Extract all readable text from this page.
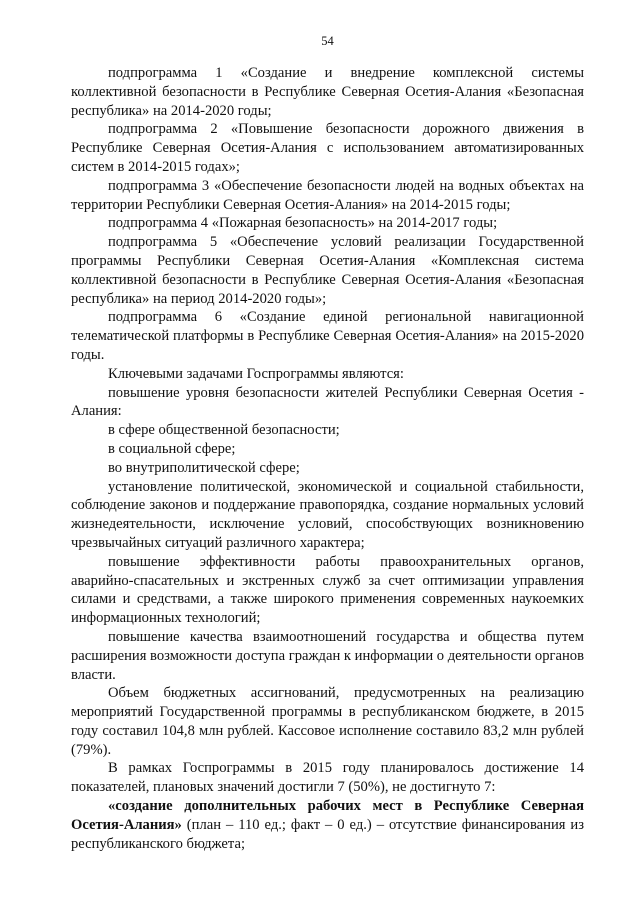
54

подпрограмма 1 «Создание и внедрение комплексной системы коллективной безопасности в Республике Северная Осетия-Алания «Безопасная республика» на 2014-2020 годы;

подпрограмма 2 «Повышение безопасности дорожного движения в Республике Северная Осетия-Алания с использованием автоматизированных систем в 2014-2015 годах»;

подпрограмма 3 «Обеспечение безопасности людей на водных объектах на территории Республики Северная Осетия-Алания» на 2014-2015 годы;

подпрограмма 4 «Пожарная безопасность» на 2014-2017 годы;

подпрограмма 5 «Обеспечение условий реализации Государственной программы Республики Северная Осетия-Алания «Комплексная система коллективной безопасности в Республике Северная Осетия-Алания «Безопасная республика» на период 2014-2020 годы»;

подпрограмма 6 «Создание единой региональной навигационной телематической платформы в Республике Северная Осетия-Алания» на 2015-2020 годы.

Ключевыми задачами Госпрограммы являются:

повышение уровня безопасности жителей Республики Северная Осетия - Алания:

в сфере общественной безопасности;

в социальной сфере;

во внутриполитической сфере;

установление политической, экономической и социальной стабильности, соблюдение законов и поддержание правопорядка, создание нормальных условий жизнедеятельности, исключение условий, способствующих возникновению чрезвычайных ситуаций различного характера;

повышение эффективности работы правоохранительных органов, аварийно-спасательных и экстренных служб за счет оптимизации управления силами и средствами, а также широкого применения современных наукоемких информационных технологий;

повышение качества взаимоотношений государства и общества путем расширения возможности доступа граждан к информации о деятельности органов власти.

Объем бюджетных ассигнований, предусмотренных на реализацию мероприятий Государственной программы в республиканском бюджете, в 2015 году составил 104,8 млн рублей. Кассовое исполнение составило 83,2 млн рублей (79%).

В рамках Госпрограммы в 2015 году планировалось достижение 14 показателей, плановых значений достигли 7 (50%), не достигнуто 7:

«создание дополнительных рабочих мест в Республике Северная Осетия-Алания» (план – 110 ед.; факт – 0 ед.) – отсутствие финансирования из республиканского бюджета;
